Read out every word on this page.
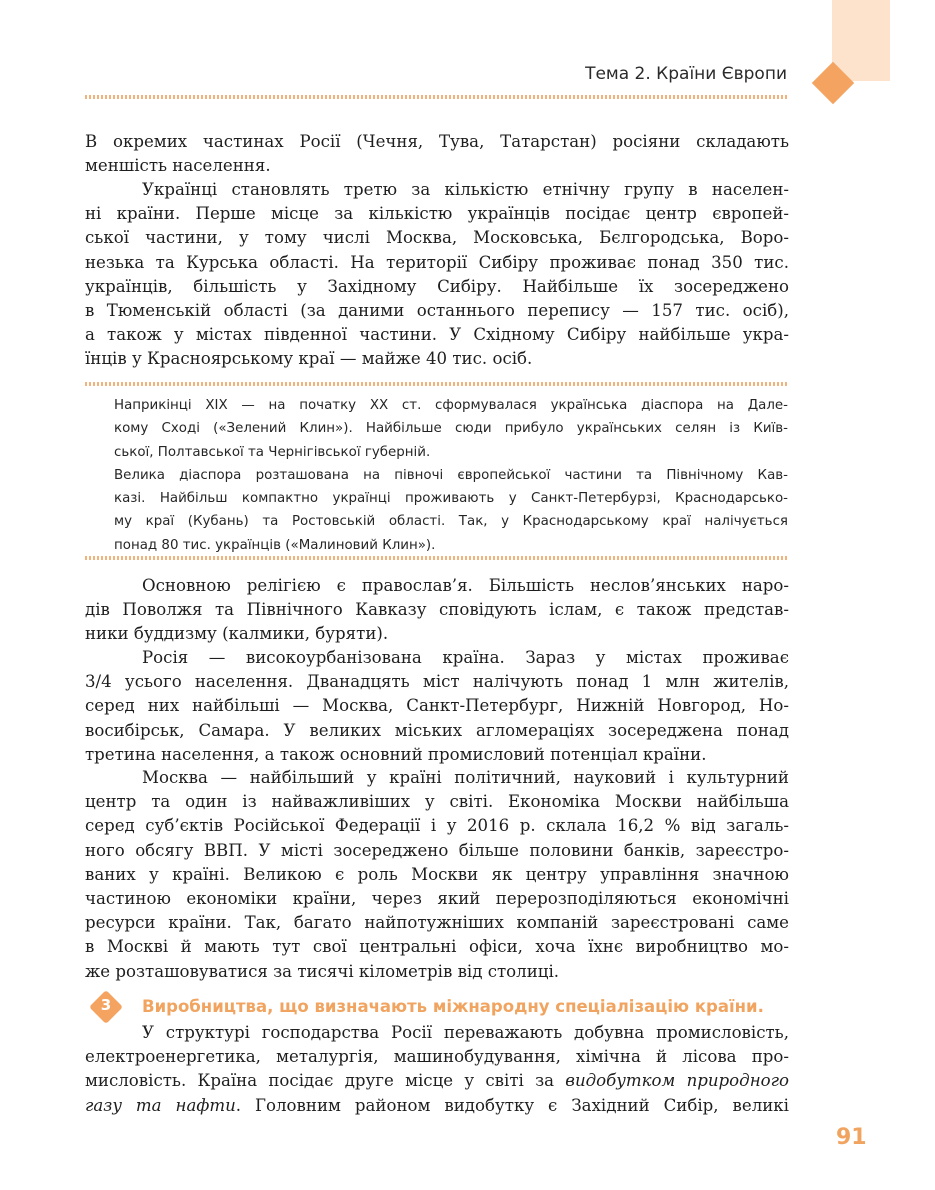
Тема 2. Країни Європи

В окремих частинах Росії (Чечня, Тува, Татарстан) росіяни складають
меншість населення.

Українці становлять третю за кількістю етнічну групу в населен-
ні країни. Перше місце за кількістю українців посідає центр європей-
ської частини, у тому числі Москва, Московська, Бєлгородська, Воро-
незька та Курська області. На території Сибіру проживає понад 350 тис.
українців, більшість у Західному Сибіру. Найбільше їх зосереджено
в Тюменській області (за даними останнього перепису — 157 тис. осіб),
а також у містах південної частини. У Східному Сибіру найбільше укра-
їнців у Красноярському краї — майже 40 тис. осіб.

Наприкінці XIX — на початку XX ст. сформувалася українська діаспора на Дале-
кому Сході («Зелений Клин»). Найбільше сюди прибуло українських селян із Київ-
ської, Полтавської та Чернігівської губерній.
Велика діаспора розташована на півночі європейської частини та Північному Кав-
казі. Найбільш компактно українці проживають у Санкт-Петербурзі, Краснодарсько-
му краї (Кубань) та Ростовській області. Так, у Краснодарському краї налічується
понад 80 тис. українців («Малиновий Клин»).

Основною релігією є православ’я. Більшість неслов’янських наро-
дів Поволжя та Північного Кавказу сповідують іслам, є також представ-
ники буддизму (калмики, буряти).

Росія — високоурбанізована країна. Зараз у містах проживає
3/4 усього населення. Дванадцять міст налічують понад 1 млн жителів,
серед них найбільші — Москва, Санкт-Петербург, Нижній Новгород, Но-
восибірськ, Самара. У великих міських агломераціях зосереджена понад
третина населення, а також основний промисловий потенціал країни.

Москва — найбільший у країні політичний, науковий і культурний
центр та один із найважливіших у світі. Економіка Москви найбільша
серед суб’єктів Російської Федерації і у 2016 р. склала 16,2 % від загаль-
ного обсягу ВВП. У місті зосереджено більше половини банків, зареєстро-
ваних у країні. Великою є роль Москви як центру управління значною
частиною економіки країни, через який перерозподіляються економічні
ресурси країни. Так, багато найпотужніших компаній зареєстровані саме
в Москві й мають тут свої центральні офіси, хоча їхнє виробництво мо-
же розташовуватися за тисячі кілометрів від столиці.

3	Виробництва, що визначають міжнародну спеціалізацію країни.

У структурі господарства Росії переважають добувна промисловість,
електроенергетика, металургія, машинобудування, хімічна й лісова про-
мисловість. Країна посідає друге місце у світі за видобутком природного
газу та нафти. Головним районом видобутку є Західний Сибір, великі

91
